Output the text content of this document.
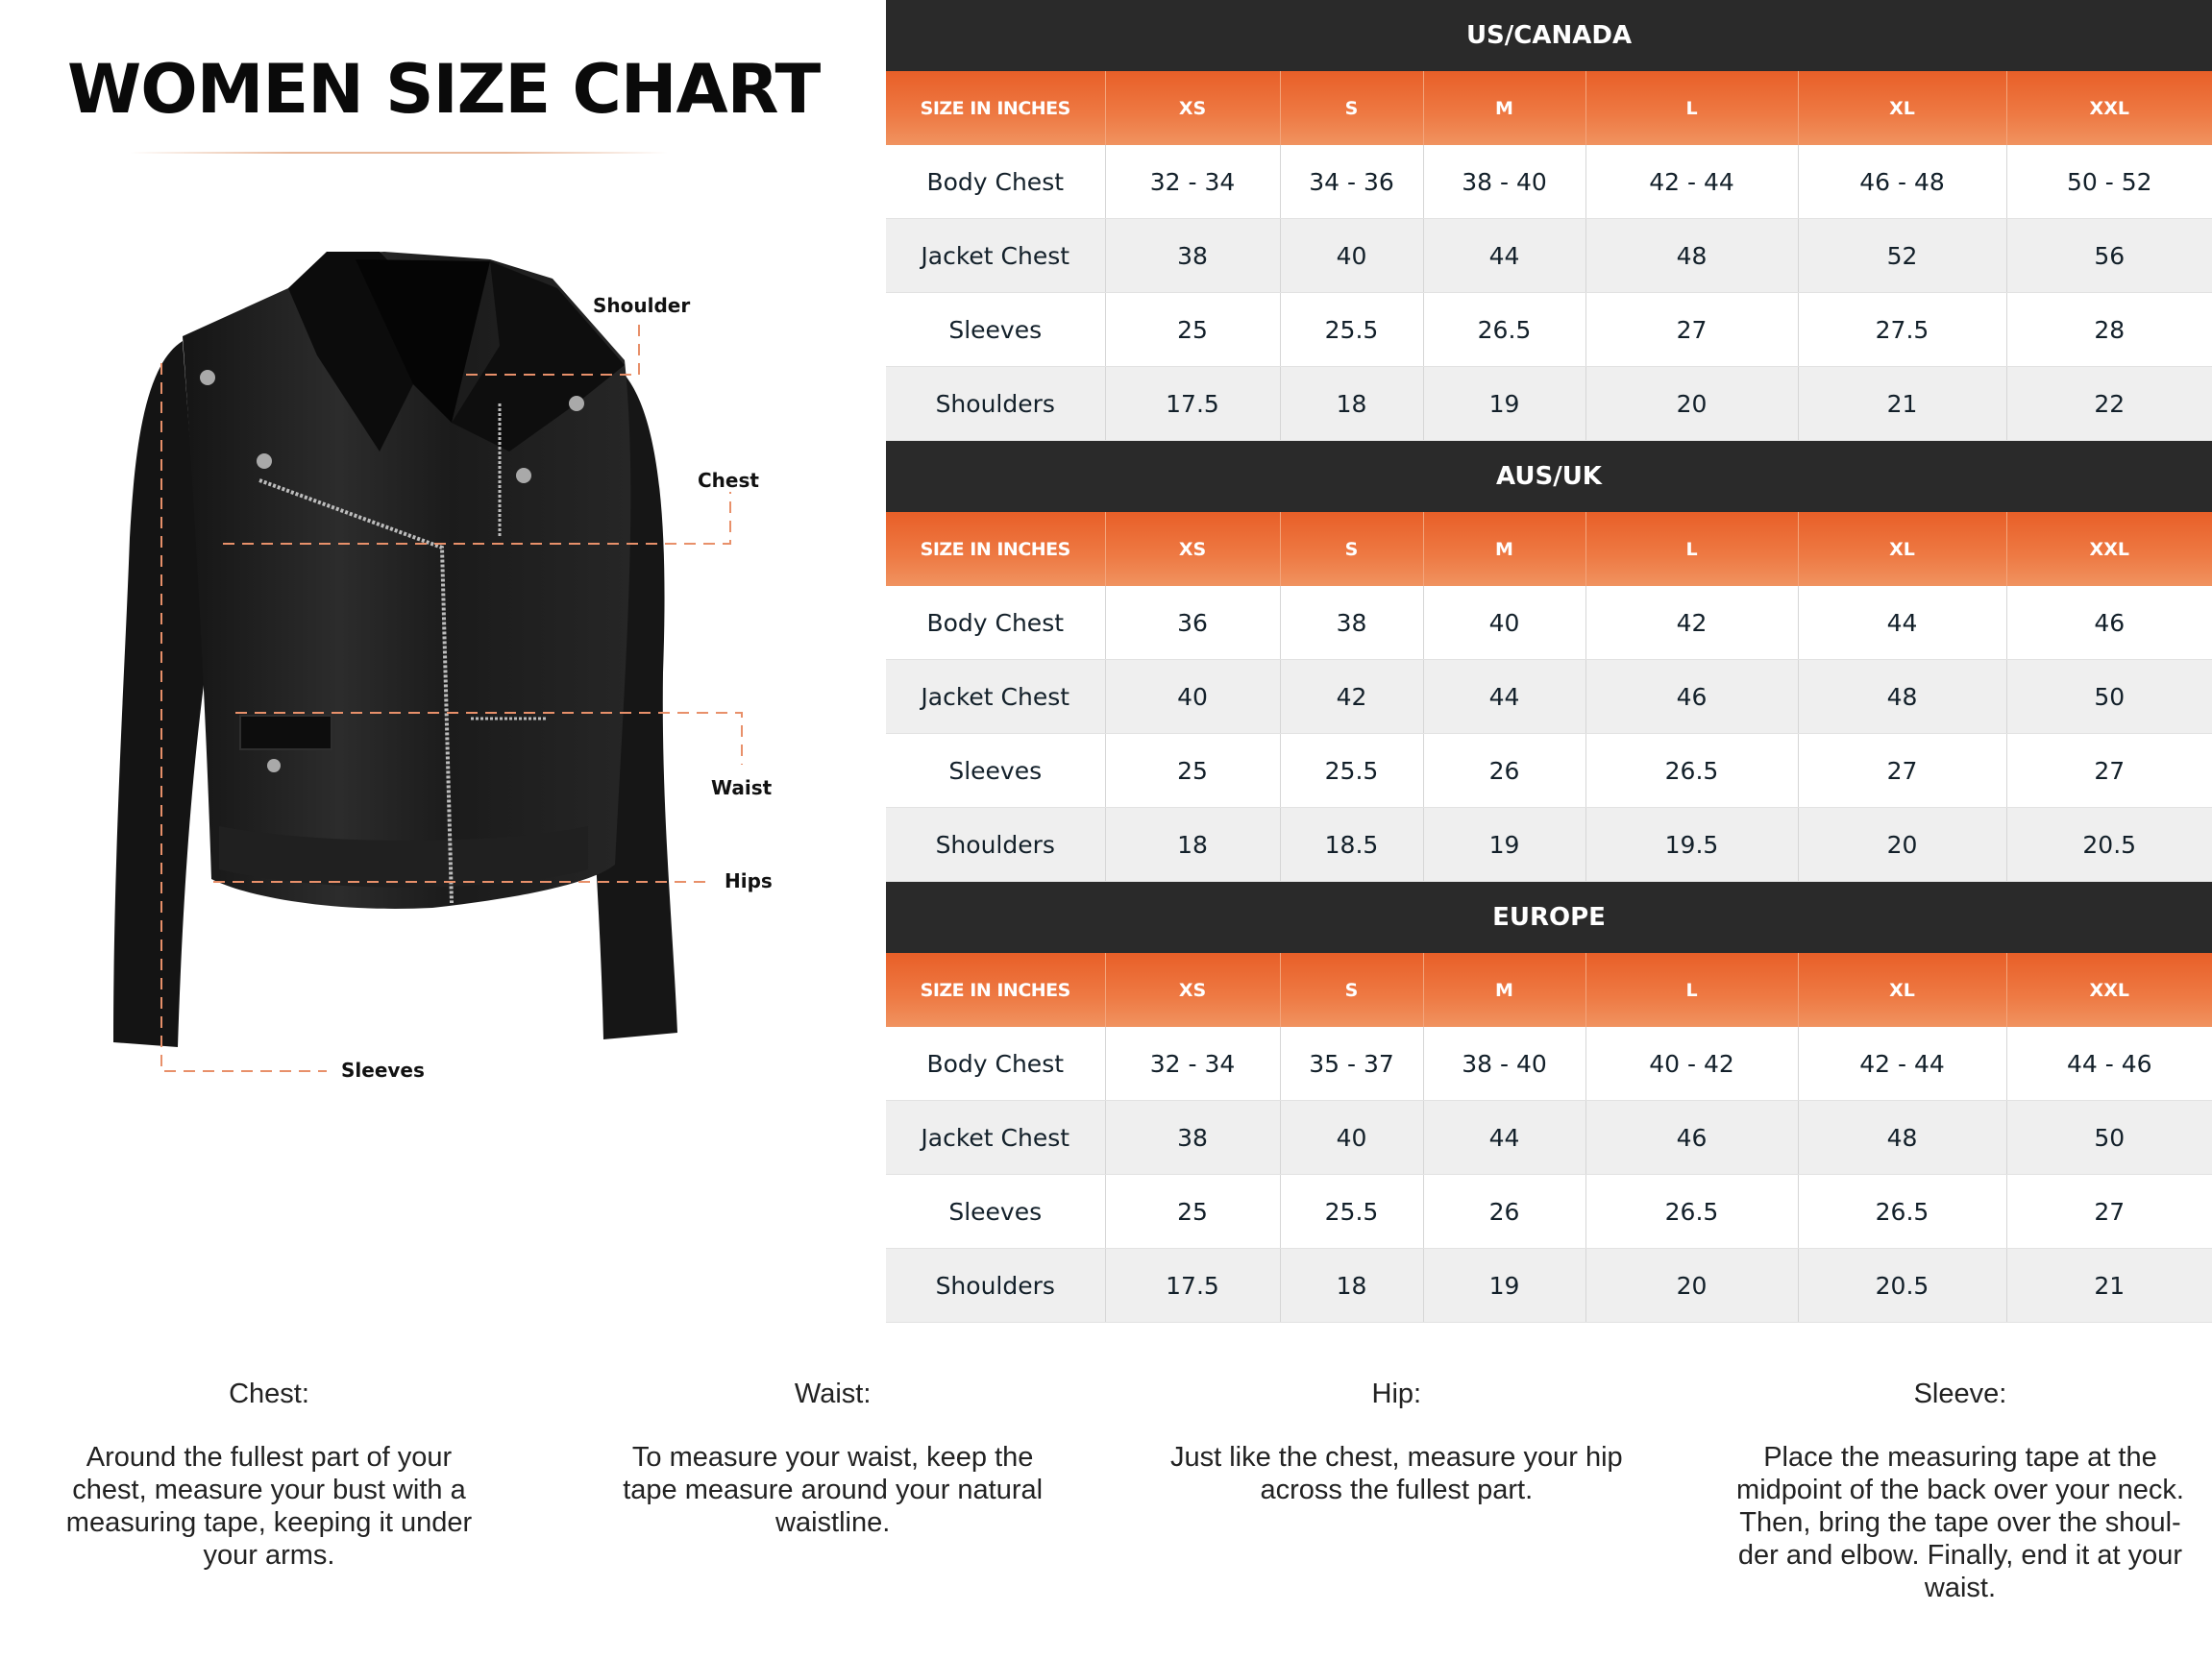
WOMEN SIZE CHART
Shoulder
Chest
Waist
Hips
Sleeves
US/CANADA
SIZE IN INCHES	XS	S	M	L	XL	XXL
Body Chest	32 - 34	34 - 36	38 - 40	42 - 44	46 - 48	50 - 52
Jacket Chest	38	40	44	48	52	56
Sleeves	25	25.5	26.5	27	27.5	28
Shoulders	17.5	18	19	20	21	22
AUS/UK
SIZE IN INCHES	XS	S	M	L	XL	XXL
Body Chest	36	38	40	42	44	46
Jacket Chest	40	42	44	46	48	50
Sleeves	25	25.5	26	26.5	27	27
Shoulders	18	18.5	19	19.5	20	20.5
EUROPE
SIZE IN INCHES	XS	S	M	L	XL	XXL
Body Chest	32 - 34	35 - 37	38 - 40	40 - 42	42 - 44	44 - 46
Jacket Chest	38	40	44	46	48	50
Sleeves	25	25.5	26	26.5	26.5	27
Shoulders	17.5	18	19	20	20.5	21

Chest:

Around the fullest part of your
chest, measure your bust with a
measuring tape, keeping it under
your arms.

Waist:

To measure your waist, keep the
tape measure around your natural
waistline.

Hip:

Just like the chest, measure your hip
across the fullest part.

Sleeve:

Place the measuring tape at the
midpoint of the back over your neck.
Then, bring the tape over the shoul-
der and elbow. Finally, end it at your
waist.
